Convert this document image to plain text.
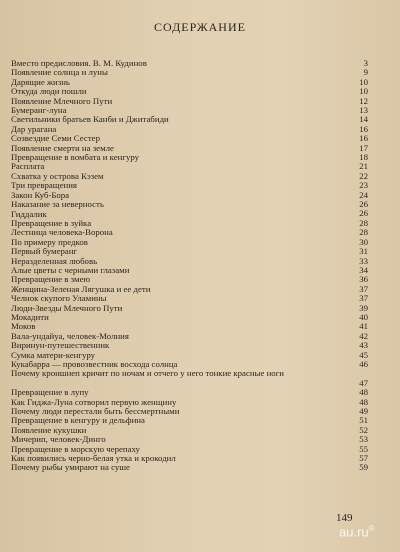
СОДЕРЖАНИЕ
Вместо предисловия. В. М. Кудинов	3
Появление солнца и луны	9
Дарящие жизнь	10
Откуда люди пошли	10
Появление Млечного Пути	12
Бумеранг-луна	13
Светильники братьев Канби и Джитабиди	14
Дар урагана	16
Созвездие Семи Сестер	16
Появление смерти на земле	17
Превращение в вомбата и кенгуру	18
Расплата	21
Схватка у острова Кэзем	22
Три превращения	23
Закон Куб-Бора	24
Наказание за неверность	26
Гиддалик	26
Превращение в зуйка	28
Лестница человека-Ворона	28
По примеру предков	30
Первый бумеранг	31
Неразделенная любовь	33
Алые цветы с черными глазами	34
Превращение в змею	36
Женщина-Зеленая Лягушка и ее дети	37
Челнок скупого Уламины	37
Люди-Звезды Млечного Пути	39
Мокадити	40
Моков	41
Вала-ундайуа, человек-Молния	42
Виринун-путешественник	43
Сумка матери-кенгуру	45
Кукабарра — провозвестник восхода солнца	46
Почему кроншнеп кричит по ночам и отчего у него тонкие красные ноги
47
Превращение в лупу	48
Как Гиджа-Луна сотворил первую женщину	48
Почему люди перестали быть бессмертными	49
Превращение в кенгуру и дельфина	51
Появление кукушки	52
Мичерип, человек-Динго	53
Превращение в морскую черепаху	55
Как появились черно-белая утка и крокодил	57
Почему рыбы умирают на суше	59
149
au.ru®
